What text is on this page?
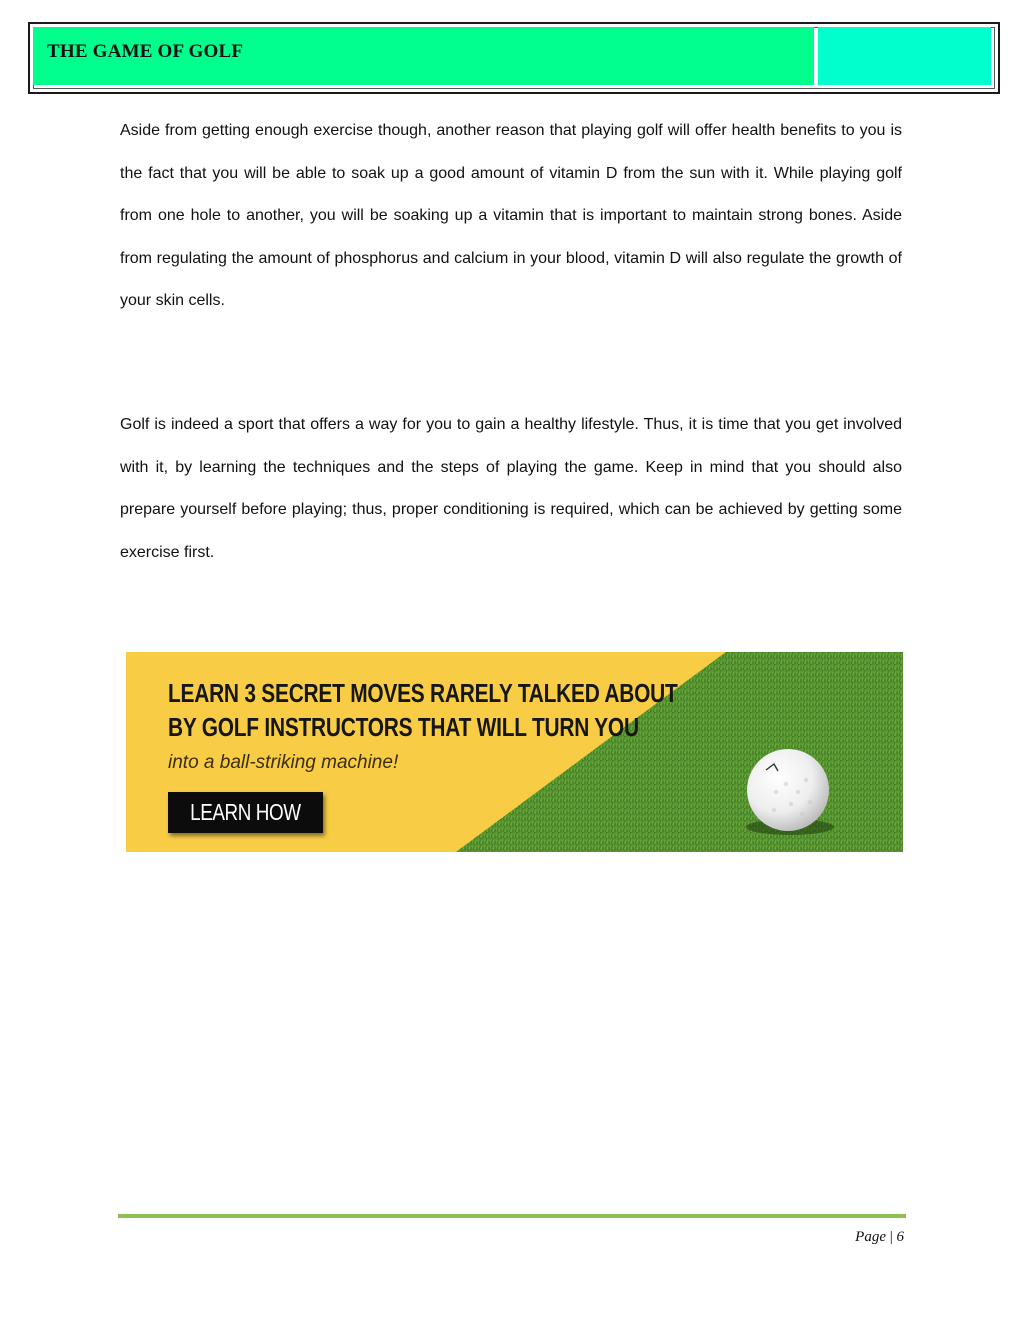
THE GAME OF GOLF

Aside from getting enough exercise though, another reason that playing golf will offer health benefits to you is the fact that you will be able to soak up a good amount of vitamin D from the sun with it. While playing golf from one hole to another, you will be soaking up a vitamin that is important to maintain strong bones. Aside from regulating the amount of phosphorus and calcium in your blood, vitamin D will also regulate the growth of your skin cells.

Golf is indeed a sport that offers a way for you to gain a healthy lifestyle. Thus, it is time that you get involved with it, by learning the techniques and the steps of playing the game. Keep in mind that you should also prepare yourself before playing; thus, proper conditioning is required, which can be achieved by getting some exercise first.

LEARN 3 SECRET MOVES RARELY TALKED ABOUT
BY GOLF INSTRUCTORS THAT WILL TURN YOU
into a ball-striking machine!
LEARN HOW
Page | 6
